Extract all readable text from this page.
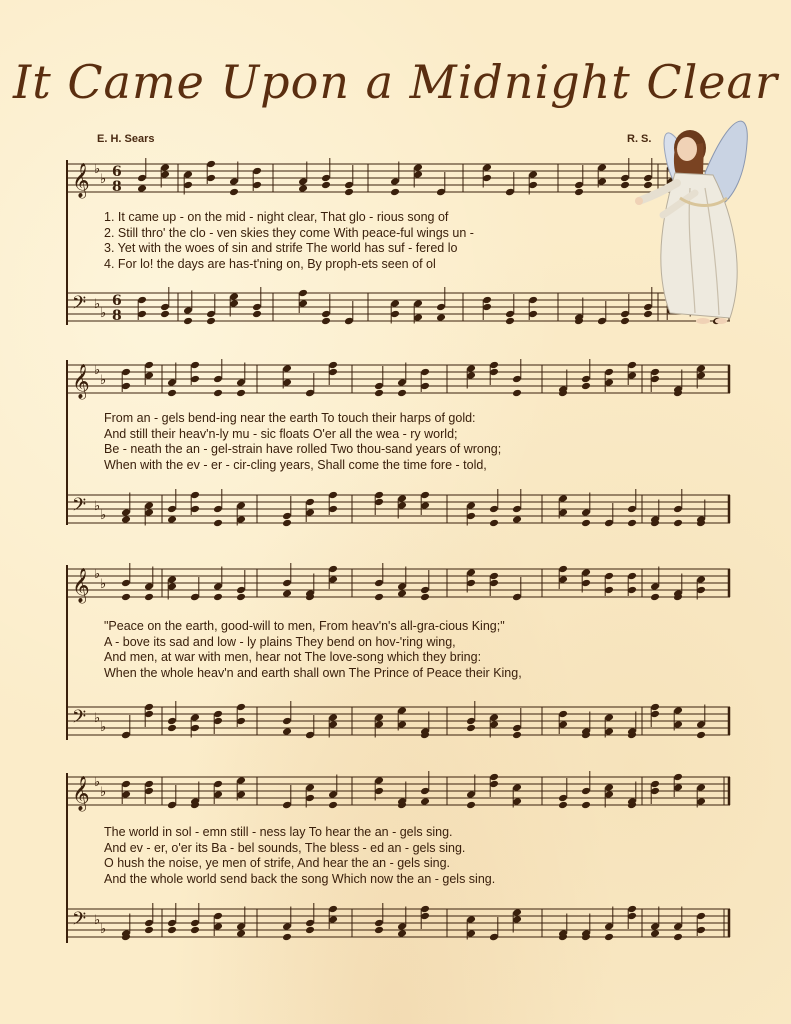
It Came Upon a Midnight Clear
E. H. Sears	R. S.
𝄞 ♭
♭ 6
8
1. It came up - on the mid - night clear, That glo - rious song of
2. Still thro' the clo - ven skies they come With peace-ful wings un -
3. Yet with the woes of sin and strife The world has suf - fered lo
4. For lo! the days are has-t'ning on, By proph-ets seen of ol
𝄢 ♭
♭
6
8
𝄞 ♭
♭
From an - gels bend-ing near the earth To touch their harps of gold:
And still their heav'n-ly mu - sic floats O'er all the wea - ry world;
Be - neath the an - gel-strain have rolled Two thou-sand years of wrong;
When with the ev - er - cir-cling years, Shall come the time fore - told,
𝄢 ♭
♭
𝄞 ♭
♭
"Peace on the earth, good-will to men, From heav'n's all-gra-cious King;"
A - bove its sad and low - ly plains They bend on hov-'ring wing,
And men, at war with men, hear not The love-song which they bring:
When the whole heav'n and earth shall own The Prince of Peace their King,
𝄢 ♭
♭
𝄞 ♭
♭
The world in sol - emn still - ness lay To hear the an - gels sing.
And ev - er, o'er its Ba - bel sounds, The bless - ed an - gels sing.
O hush the noise, ye men of strife, And hear the an - gels sing.
And the whole world send back the song Which now the an - gels sing.
𝄢 ♭
♭
